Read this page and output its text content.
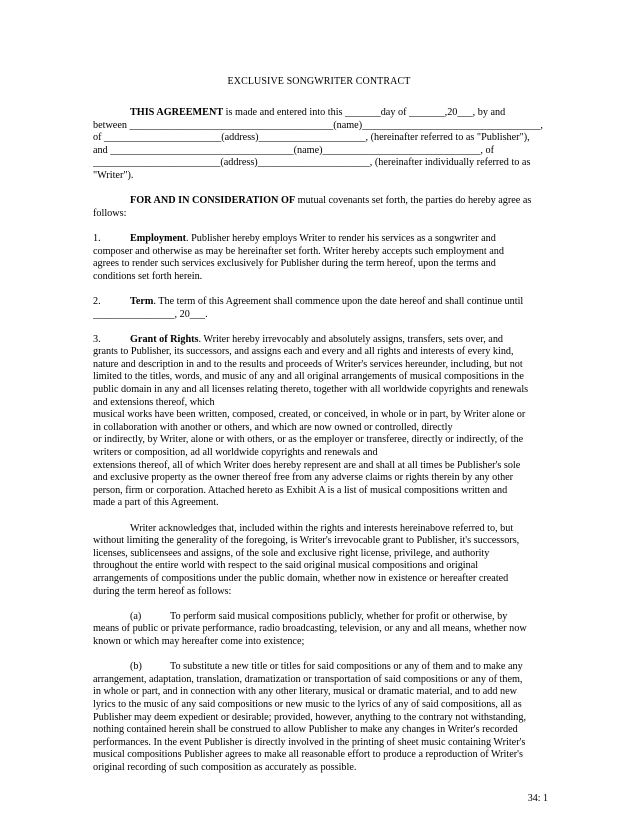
EXCLUSIVE SONGWRITER CONTRACT
THIS AGREEMENT is made and entered into this _______day of _______,20___, by and
between ________________________________________(name)___________________________________,
of _______________________(address)_____________________, (hereinafter referred to as "Publisher"),
and ____________________________________(name)_______________________________, of
_________________________(address)______________________, (hereinafter individually referred to as
"Writer").
FOR AND IN CONSIDERATION OF mutual covenants set forth, the parties do hereby agree as
follows:
1.	Employment. Publisher hereby employs Writer to render his services as a songwriter and
composer and otherwise as may be hereinafter set forth. Writer hereby accepts such employment and
agrees to render such services exclusively for Publisher during the term hereof, upon the terms and
conditions set forth herein.
2.	Term. The term of this Agreement shall commence upon the date hereof and shall continue until
________________, 20___.
3.	Grant of Rights. Writer hereby irrevocably and absolutely assigns, transfers, sets over, and
grants to Publisher, its successors, and assigns each and every and all rights and interests of every kind,
nature and description in and to the results and proceeds of Writer's services hereunder, including, but not
limited to the titles, words, and music of any and all original arrangements of musical compositions in the
public domain in any and all licenses relating thereto, together with all worldwide copyrights and renewals
and extensions thereof, which
musical works have been written, composed, created, or conceived, in whole or in part, by Writer alone or
in collaboration with another or others, and which are now owned or controlled, directly
or indirectly, by Writer, alone or with others, or as the employer or transferee, directly or indirectly, of the
writers or composition, ad all worldwide copyrights and renewals and
extensions thereof, all of which Writer does hereby represent are and shall at all times be Publisher's sole
and exclusive property as the owner thereof free from any adverse claims or rights therein by any other
person, firm or corporation. Attached hereto as Exhibit A is a list of musical compositions written and
made a part of this Agreement.
Writer acknowledges that, included within the rights and interests hereinabove referred to, but
without limiting the generality of the foregoing, is Writer's irrevocable grant to Publisher, it's successors,
licenses, sublicensees and assigns, of the sole and exclusive right license, privilege, and authority
throughout the entire world with respect to the said original musical compositions and original
arrangements of compositions under the public domain, whether now in existence or hereafter created
during the term hereof as follows:
(a)	To perform said musical compositions publicly, whether for profit or otherwise, by
means of public or private performance, radio broadcasting, television, or any and all means, whether now
known or which may hereafter come into existence;
(b)	To substitute a new title or titles for said compositions or any of them and to make any
arrangement, adaptation, translation, dramatization or transportation of said compositions or any of them,
in whole or part, and in connection with any other literary, musical or dramatic material, and to add new
lyrics to the music of any said compositions or new music to the lyrics of any of said compositions, all as
Publisher may deem expedient or desirable; provided, however, anything to the contrary not withstanding,
nothing contained herein shall be construed to allow Publisher to make any changes in Writer's recorded
performances. In the event Publisher is directly involved in the printing of sheet music containing Writer's
musical compositions Publisher agrees to make all reasonable effort to produce a reproduction of Writer's
original recording of such composition as accurately as possible.
34: 1
